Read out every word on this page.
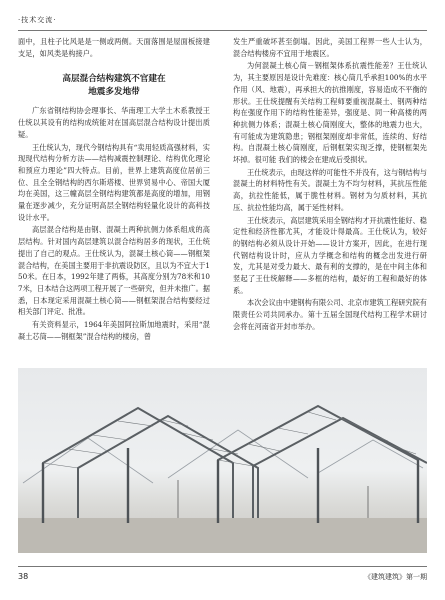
·技术交流·

面中，且柱子比风是是一侧或两侧。天面落围是屋面板接建支足，如风类是构接户。

高层混合结构建筑不官建在
地震多发地带

广东省钢结构协会理事长、华南理工大学土木系教授王仕统以其设有的结构成统能对在国高层混合结构设计提出质疑。

王仕统认为，现代今钢结构具有“卖用轻质高强材料，实现现代结构分析方法——结构减震控制理论、结构优化理论和预应力理论”四大特点。目前，世界上建筑高度位居前三位、且全全钢结构的西尔斯塔楼、世界贸易中心、帝国大厦均在美国，这三幢高层全钢结构建筑都是高度的增加，用钢量在逐步减少，充分证明高层全钢结构轻量化设计的高科技设计水平。

高层混合结构是由钢、混凝土两种抗侧力体系组成的高层结构。针对国内高层建筑以混合结构居多的现状，王仕统提出了自己的观点。王仕统认为，混凝土核心筒——钢框架混合结构，在美国主要用于非抗震设防区，且以为不宜大于150米。在日本，1992年建了两栋，其高度分别为78米和107米，日本结合这两项工程开展了一些研究，但并未推广。据悉，日本现定采用混凝土核心筒——钢框架混合结构要经过相关部门评定、批准。

有关资料显示，1964年美国阿拉斯加地震时，采用“混凝土芯筒——钢框架”混合结构的楼房，曾

发生严重破坏甚至倒塌。因此，美国工程界一些人士认为，混合结构楼房不宜用于地震区。

为何混凝土核心筒－钢框架体系抗震性能差？王仕统认为，其主要原因是设计先难度：核心筒几乎承担100%的水平作用（风、地震），再承担大的抗推刚度，容易造成不平衡的形状。王仕统提醒有关结构工程师要重视混凝土、钢两种结构在强度作用下的结构性能差异，强度是、同一种高楼的两种抗侧力体系；混凝土核心筒刚度大，整体的地震力也大，有可能成为建筑隐患；钢框架刚度却非常低，连续的、好结构。自混凝土核心筒刚度，后钢框架实现乏撑，使钢框架先坏掉。很可能 我们的楼会在建成后受损状。

王仕统表示，由现这样的可能性不并没有，这与钢结构与混凝土的材料特性有关。混凝土为不均匀材料，其抗压性能高，抗拉性能低，属于脆性材料。钢材为匀质材料，其抗压、抗拉性能均高，属于延性材料。

王仕统表示，高层建筑采用全钢结构才开抗震性能好、稳定性和经济性都尤其，才能设计得最高。王仕统认为，较好的钢结构必须从设计开始——设计方案开，因此，在进行现代钢结构设计时，应从力学概念和结构的概念出发进行研发，尤其是对受力最大、最有利的支撑的，是在中间主体和竖起了王仕统解释——多框的结构，最好的工程和最好的体系。

本次会议由中建钢构有限公司、北京市建筑工程研究院有限责任公司共同承办。第十五届全国现代结构工程学术研讨会将在河南省开封市举办。

38	《建筑建筑》第一期
